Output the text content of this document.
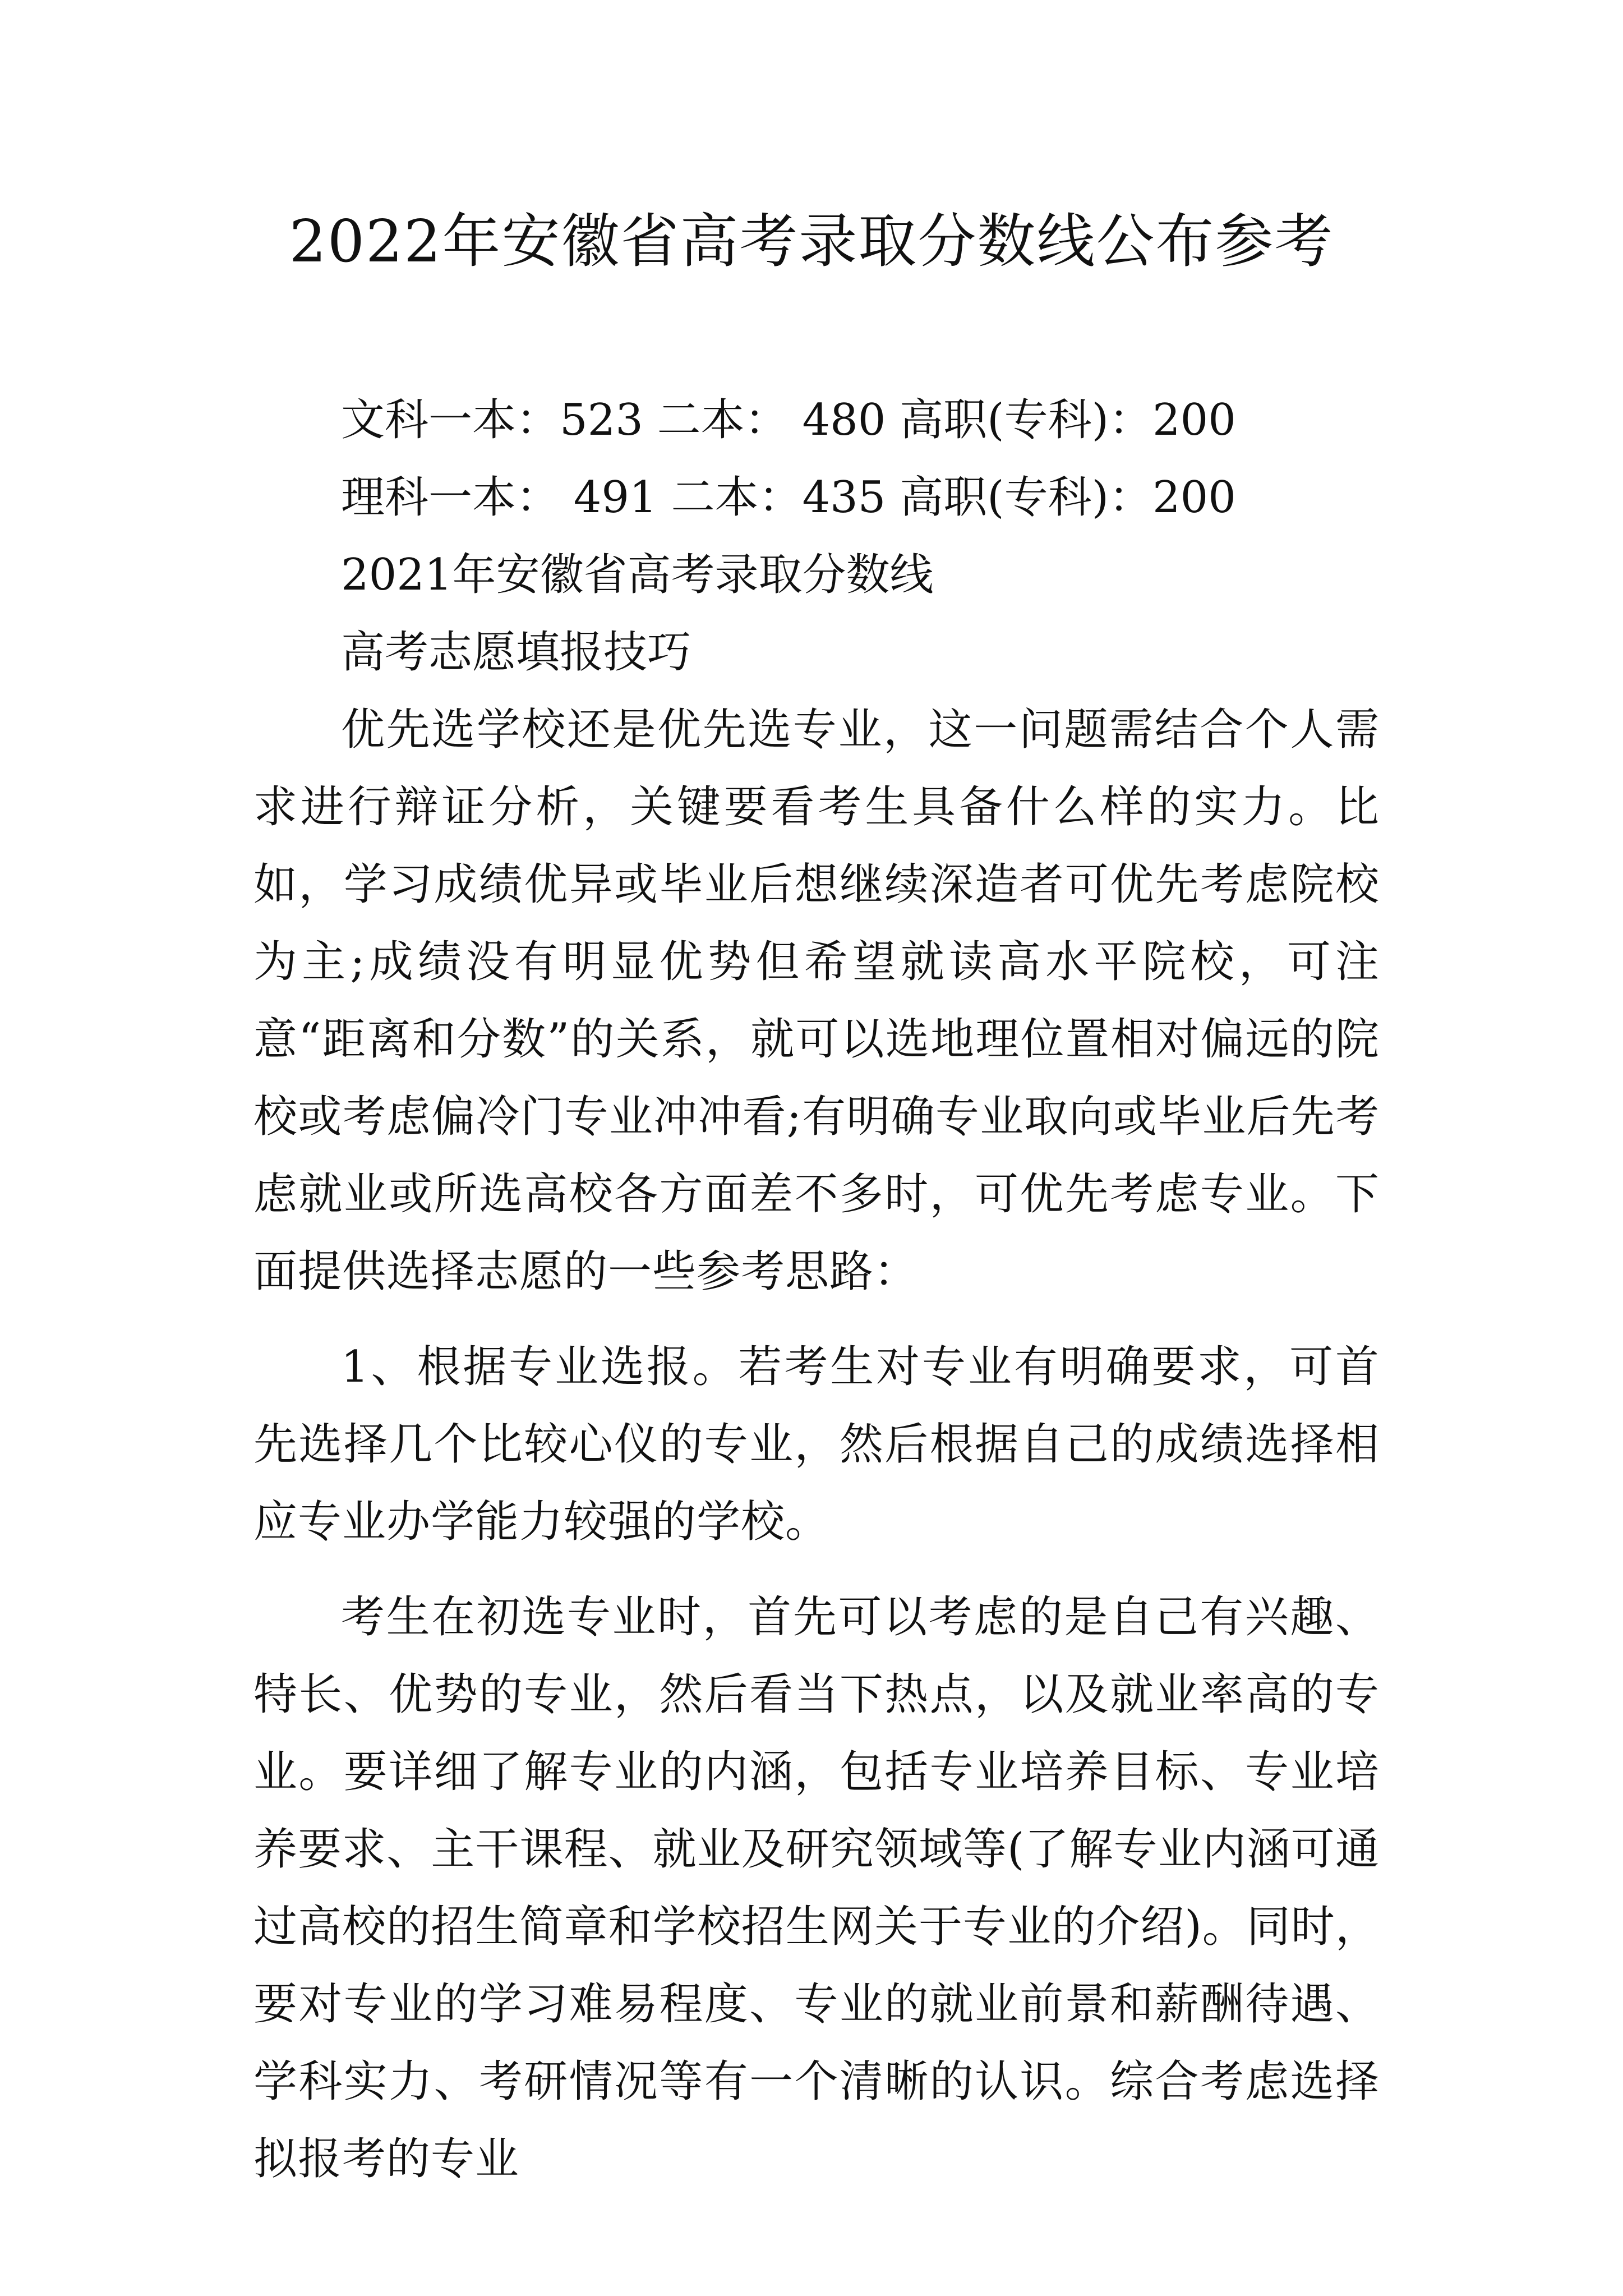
2022年安徽省高考录取分数线公布参考
文科一本：523 二本： 480 高职(专科)：200
理科一本： 491 二本：435 高职(专科)：200
2021年安徽省高考录取分数线
高考志愿填报技巧

优先选学校还是优先选专业，这一问题需结合个人需求进行辩证分析，关键要看考生具备什么样的实力。比如，学习成绩优异或毕业后想继续深造者可优先考虑院校为主;成绩没有明显优势但希望就读高水平院校，可注意“距离和分数”的关系，就可以选地理位置相对偏远的院校或考虑偏冷门专业冲冲看;有明确专业取向或毕业后先考虑就业或所选高校各方面差不多时，可优先考虑专业。下面提供选择志愿的一些参考思路：

1、根据专业选报。若考生对专业有明确要求，可首先选择几个比较心仪的专业，然后根据自己的成绩选择相应专业办学能力较强的学校。

考生在初选专业时，首先可以考虑的是自己有兴趣、特长、优势的专业，然后看当下热点，以及就业率高的专业。要详细了解专业的内涵，包括专业培养目标、专业培养要求、主干课程、就业及研究领域等(了解专业内涵可通过高校的招生简章和学校招生网关于专业的介绍)。同时，要对专业的学习难易程度、专业的就业前景和薪酬待遇、学科实力、考研情况等有一个清晰的认识。综合考虑选择拟报考的专业
